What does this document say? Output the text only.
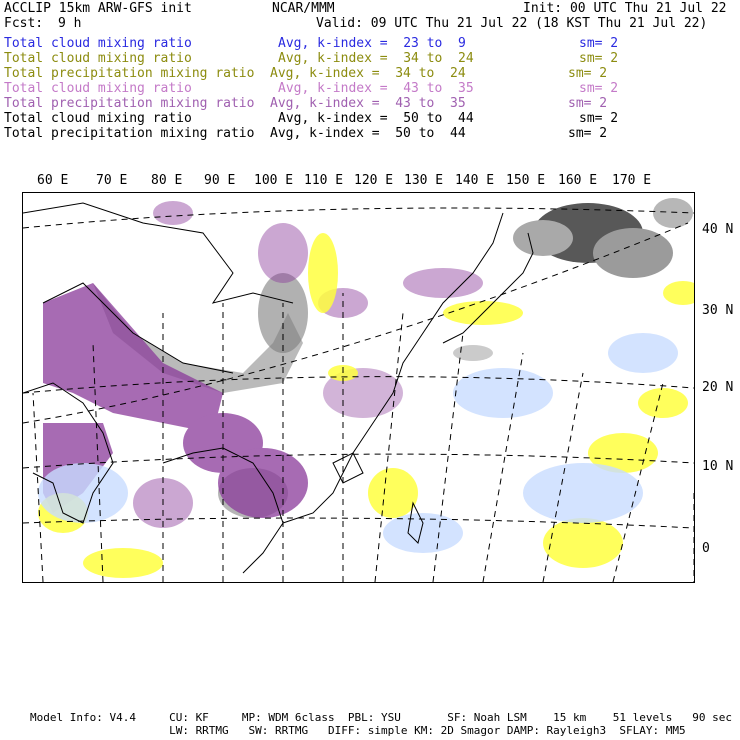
ACCLIP 15km ARW-GFS init	NCAR/MMM	Init: 00 UTC Thu 21 Jul 22
Fcst: 9 h	Valid: 09 UTC Thu 21 Jul 22 (18 KST Thu 21 Jul 22)
Total cloud mixing ratio	Avg, k-index =  23 to  9	sm= 2
Total cloud mixing ratio	Avg, k-index =  34 to  24	sm= 2
Total precipitation mixing ratio Avg, k-index =  34 to  24	sm= 2
Total cloud mixing ratio	Avg, k-index =  43 to  35	sm= 2
Total precipitation mixing ratio Avg, k-index =  43 to  35	sm= 2
Total cloud mixing ratio	Avg, k-index =  50 to  44	sm= 2
Total precipitation mixing ratio Avg, k-index =  50 to  44	sm= 2
60 E 70 E 80 E 90 E 100 E 110 E 120 E 130 E 140 E 150 E 160 E 170 E
40 N
30 N
20 N
10 N
0
Model Info: V4.4     CU: KF     MP: WDM 6class  PBL: YSU       SF: Noah LSM    15 km    51 levels   90 sec
LW: RRTMG   SW: RRTMG   DIFF: simple KM: 2D Smagor DAMP: Rayleigh3  SFLAY: MM5
